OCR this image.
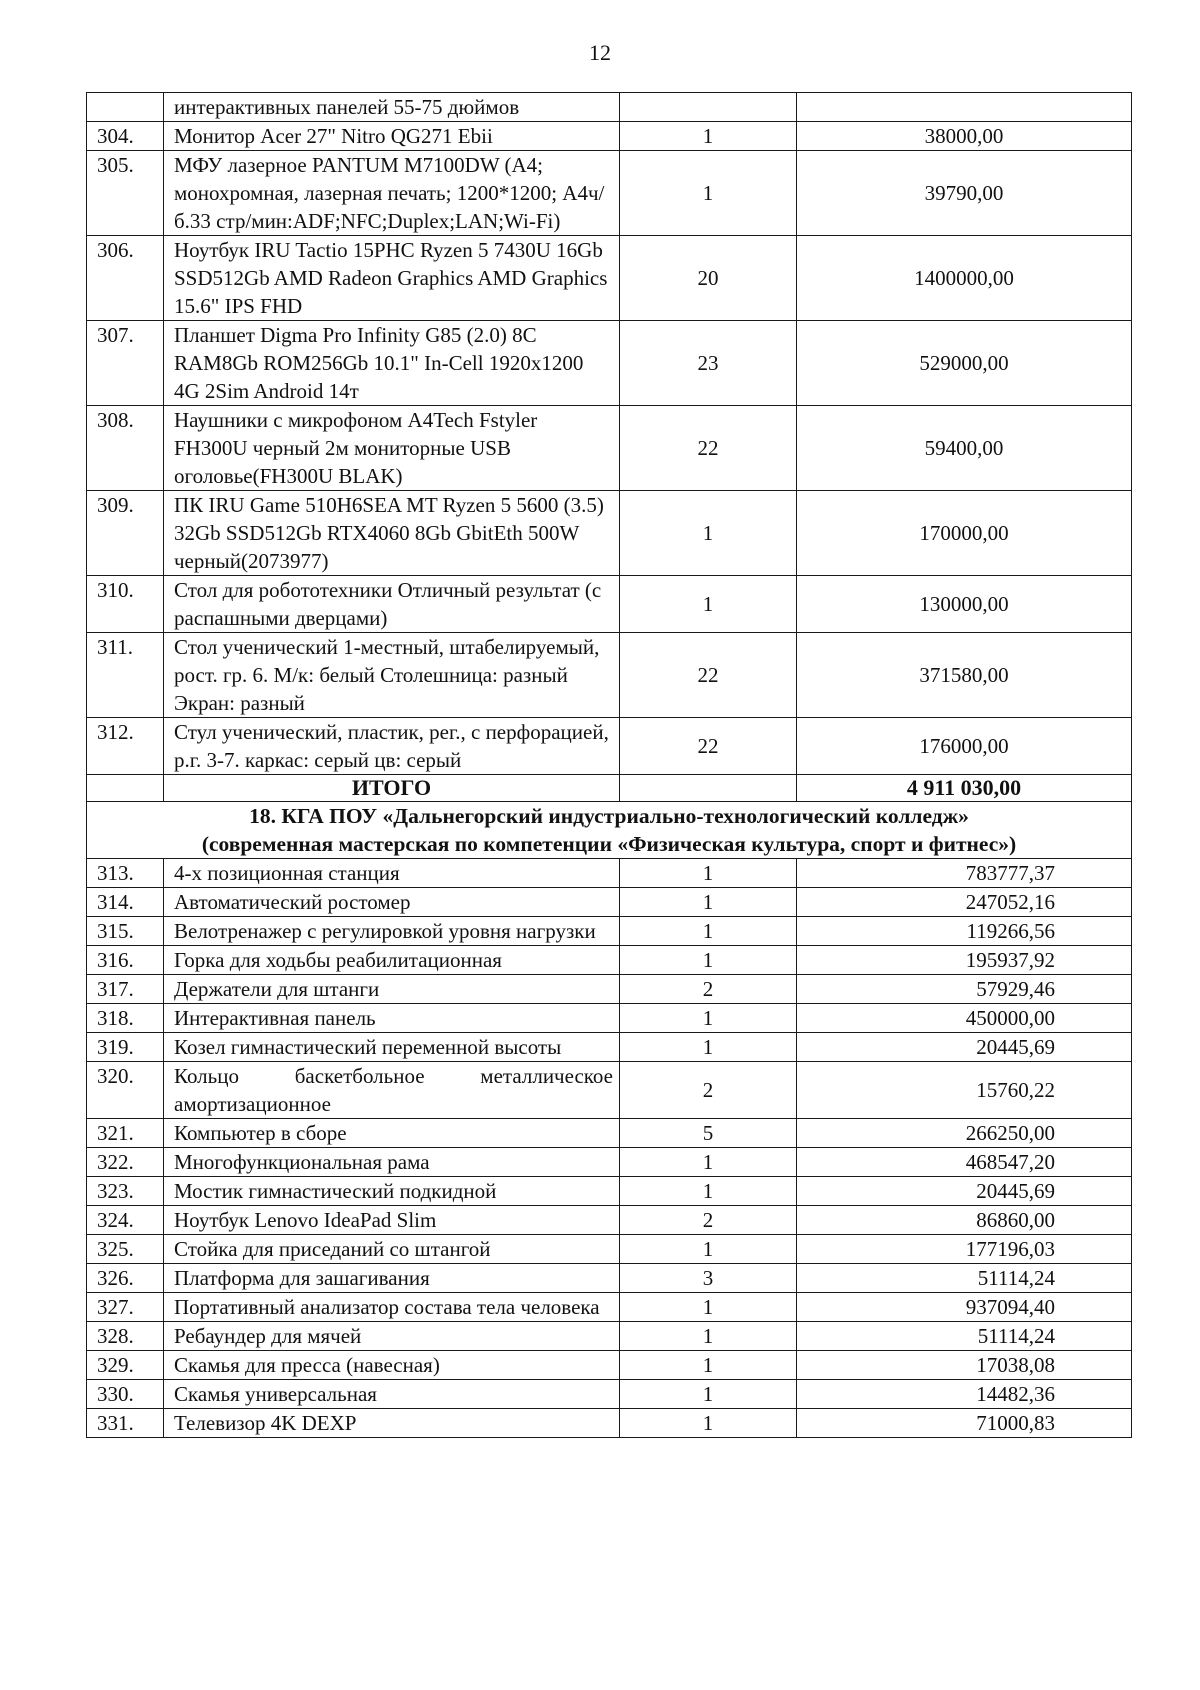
12
	интерактивных панелей 55-75 дюймов		
304.	Монитор Acer 27" Nitro QG271 Ebii	1	38000,00
305.	МФУ лазерное PANTUM M7100DW (A4; монохромная, лазерная печать; 1200*1200; А4ч/б.33 стр/мин:ADF;NFC;Duplex;LAN;Wi-Fi)	1	39790,00
306.	Ноутбук IRU Tactio 15PHC Ryzen 5 7430U 16Gb SSD512Gb AMD Radeon Graphics AMD Graphics 15.6" IPS FHD	20	1400000,00
307.	Планшет Digma Pro Infinity G85 (2.0) 8C RAM8Gb ROM256Gb 10.1" In-Cell 1920x1200 4G 2Sim Android 14т	23	529000,00
308.	Наушники с микрофоном A4Tech Fstyler FH300U черный 2м мониторные USB оголовье(FH300U BLAK)	22	59400,00
309.	ПК IRU Game 510H6SEA MT Ryzen 5 5600 (3.5) 32Gb SSD512Gb RTX4060 8Gb GbitEth 500W черный(2073977)	1	170000,00
310.	Стол для робототехники Отличный результат (с распашными дверцами)	1	130000,00
311.	Стол ученический 1-местный, штабелируемый, рост. гр. 6. М/к: белый Столешница: разный Экран: разный	22	371580,00
312.	Стул ученический, пластик, рег., с перфорацией, р.г. 3-7. каркас: серый цв: серый	22	176000,00
	ИТОГО		4 911 030,00

18. КГА ПОУ «Дальнегорский индустриально-технологический колледж»
(современная мастерская по компетенции «Физическая культура, спорт и фитнес»)			

313.	4-х позиционная станция	1	783777,37
314.	Автоматический ростомер	1	247052,16
315.	Велотренажер с регулировкой уровня нагрузки	1	119266,56
316.	Горка для ходьбы реабилитационная	1	195937,92
317.	Держатели для штанги	2	57929,46
318.	Интерактивная панель	1	450000,00
319.	Козел гимнастический переменной высоты	1	20445,69
320.	Кольцо баскетбольное металлическое амортизационное	2	15760,22
321.	Компьютер в сборе	5	266250,00
322.	Многофункциональная рама	1	468547,20
323.	Мостик гимнастический подкидной	1	20445,69
324.	Ноутбук Lenovo IdeaPad Slim	2	86860,00
325.	Стойка для приседаний со штангой	1	177196,03
326.	Платформа для зашагивания	3	51114,24
327.	Портативный анализатор состава тела человека	1	937094,40
328.	Ребаундер для мячей	1	51114,24
329.	Скамья для пресса (навесная)	1	17038,08
330.	Скамья универсальная	1	14482,36
331.	Телевизор 4K DEXP	1	71000,83
